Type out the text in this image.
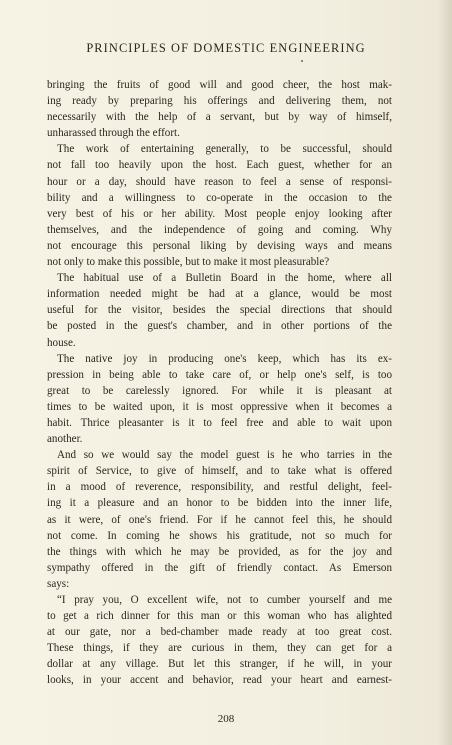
PRINCIPLES OF DOMESTIC ENGINEERING

bringing the fruits of good will and good cheer, the host mak-
ing ready by preparing his offerings and delivering them, not
necessarily with the help of a servant, but by way of himself,
unharassed through the effort.

The work of entertaining generally, to be successful, should
not fall too heavily upon the host. Each guest, whether for an
hour or a day, should have reason to feel a sense of responsi-
bility and a willingness to co-operate in the occasion to the
very best of his or her ability. Most people enjoy looking after
themselves, and the independence of going and coming. Why
not encourage this personal liking by devising ways and means
not only to make this possible, but to make it most pleasurable?

The habitual use of a Bulletin Board in the home, where all
information needed might be had at a glance, would be most
useful for the visitor, besides the special directions that should
be posted in the guest's chamber, and in other portions of the
house.

The native joy in producing one's keep, which has its ex-
pression in being able to take care of, or help one's self, is too
great to be carelessly ignored. For while it is pleasant at
times to be waited upon, it is most oppressive when it becomes a
habit. Thrice pleasanter is it to feel free and able to wait upon
another.

And so we would say the model guest is he who tarries in the
spirit of Service, to give of himself, and to take what is offered
in a mood of reverence, responsibility, and restful delight, feel-
ing it a pleasure and an honor to be bidden into the inner life,
as it were, of one's friend. For if he cannot feel this, he should
not come. In coming he shows his gratitude, not so much for
the things with which he may be provided, as for the joy and
sympathy offered in the gift of friendly contact. As Emerson
says:

“I pray you, O excellent wife, not to cumber yourself and me
to get a rich dinner for this man or this woman who has alighted
at our gate, nor a bed-chamber made ready at too great cost.
These things, if they are curious in them, they can get for a
dollar at any village. But let this stranger, if he will, in your
looks, in your accent and behavior, read your heart and earnest-

208
